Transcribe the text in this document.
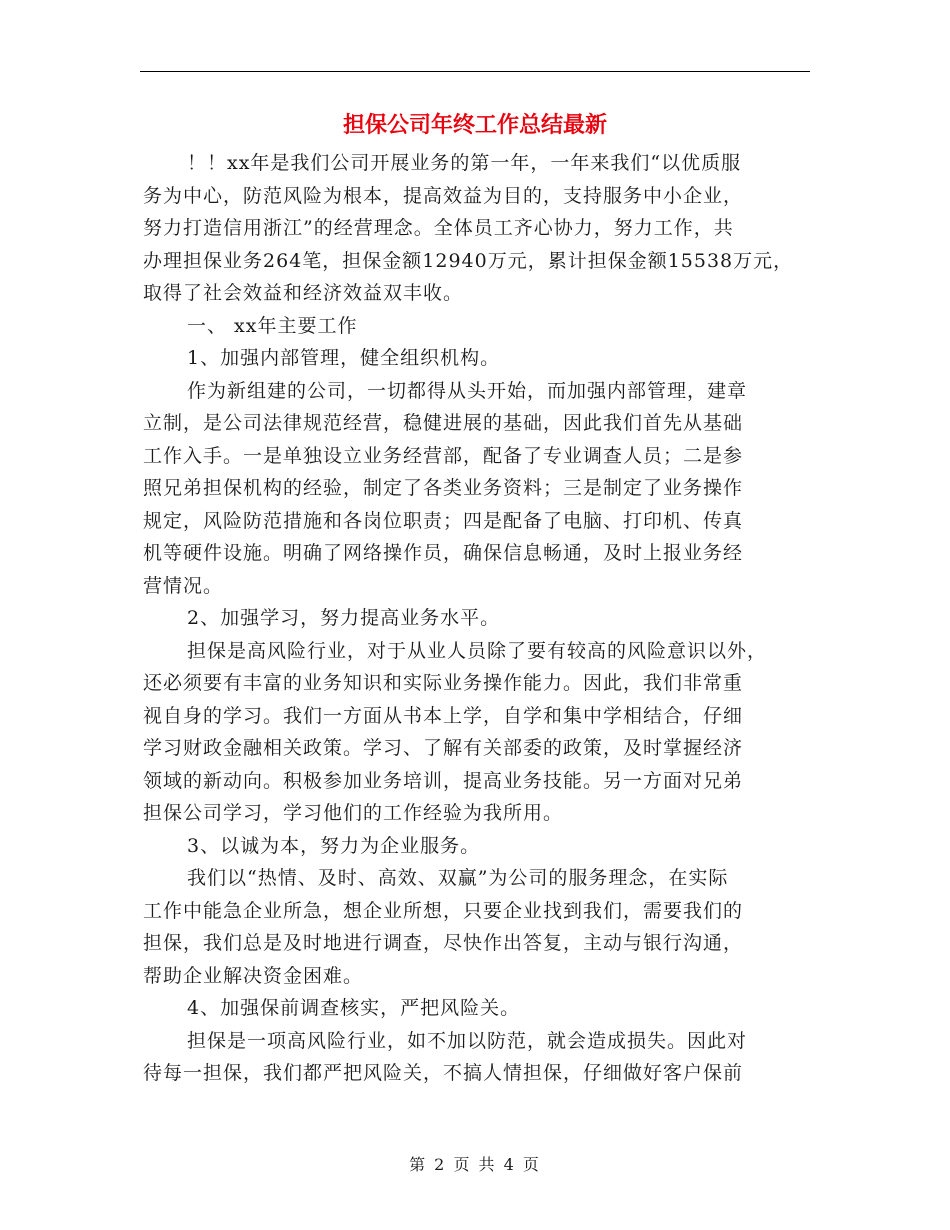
担保公司年终工作总结最新
！！xx年是我们公司开展业务的第一年，一年来我们“以优质服
务为中心，防范风险为根本，提高效益为目的，支持服务中小企业，
努力打造信用浙江”的经营理念。全体员工齐心协力，努力工作，共
办理担保业务264笔，担保金额12940万元，累计担保金额15538万元，
取得了社会效益和经济效益双丰收。
一、 xx年主要工作
1、加强内部管理，健全组织机构。
作为新组建的公司，一切都得从头开始，而加强内部管理，建章
立制，是公司法律规范经营，稳健进展的基础，因此我们首先从基础
工作入手。一是单独设立业务经营部，配备了专业调查人员；二是参
照兄弟担保机构的经验，制定了各类业务资料；三是制定了业务操作
规定，风险防范措施和各岗位职责；四是配备了电脑、打印机、传真
机等硬件设施。明确了网络操作员，确保信息畅通，及时上报业务经
营情况。
2、加强学习，努力提高业务水平。
担保是高风险行业，对于从业人员除了要有较高的风险意识以外，
还必须要有丰富的业务知识和实际业务操作能力。因此，我们非常重
视自身的学习。我们一方面从书本上学，自学和集中学相结合，仔细
学习财政金融相关政策。学习、了解有关部委的政策，及时掌握经济
领域的新动向。积极参加业务培训，提高业务技能。另一方面对兄弟
担保公司学习，学习他们的工作经验为我所用。
3、以诚为本，努力为企业服务。
我们以“热情、及时、高效、双赢”为公司的服务理念，在实际
工作中能急企业所急，想企业所想，只要企业找到我们，需要我们的
担保，我们总是及时地进行调查，尽快作出答复，主动与银行沟通，
帮助企业解决资金困难。
4、加强保前调查核实，严把风险关。
担保是一项高风险行业，如不加以防范，就会造成损失。因此对
待每一担保，我们都严把风险关，不搞人情担保，仔细做好客户保前
第 2 页 共 4 页
